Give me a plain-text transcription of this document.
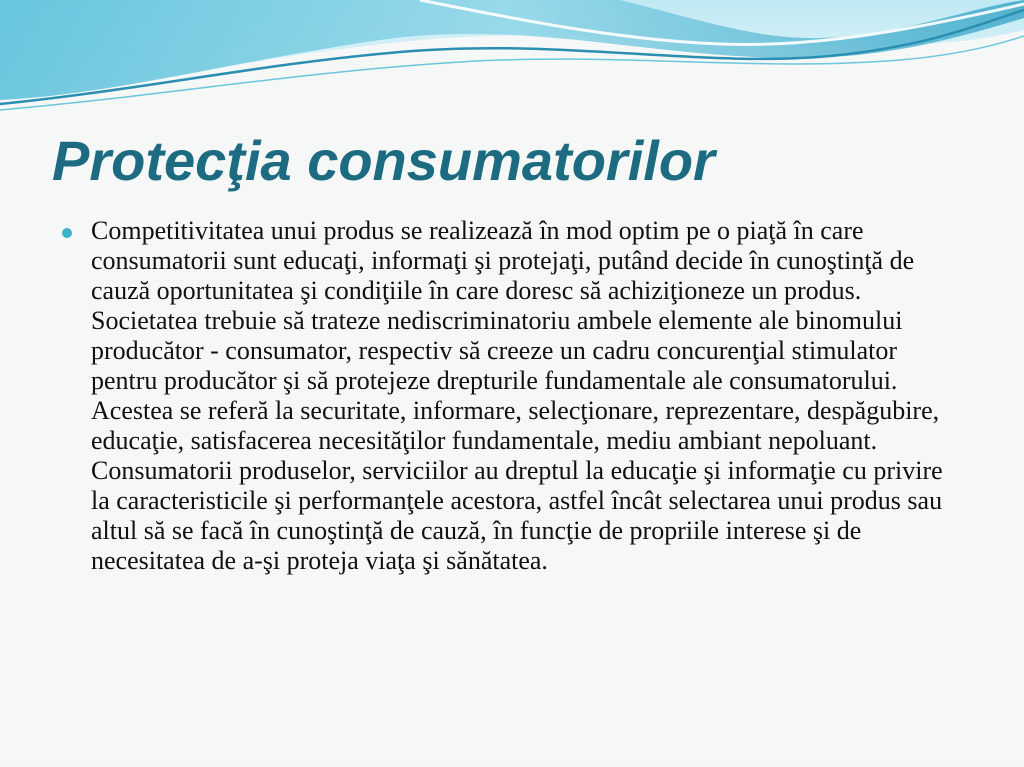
Protecţia consumatorilor

Competitivitatea unui produs se realizează în mod optim pe o piaţă în care consumatorii sunt educaţi, informaţi şi protejaţi, putând decide în cunoştinţă de cauză oportunitatea şi condiţiile în care doresc să achiziţioneze un produs. Societatea trebuie să trateze nediscriminatoriu ambele elemente ale binomului producător - consumator, respectiv să creeze un cadru concurenţial stimulator pentru producător şi să protejeze drepturile fundamentale ale consumatorului. Acestea se referă la securitate, informare, selecţionare, reprezentare, despăgubire, educaţie, satisfacerea necesităţilor fundamentale, mediu ambiant nepoluant. Consumatorii produselor, serviciilor au dreptul la educaţie şi informaţie cu privire la caracteristicile şi performanţele acestora, astfel încât selectarea unui produs sau altul să se facă în cunoştinţă de cauză, în funcţie de propriile interese şi de necesitatea de a-şi proteja viaţa şi sănătatea.
